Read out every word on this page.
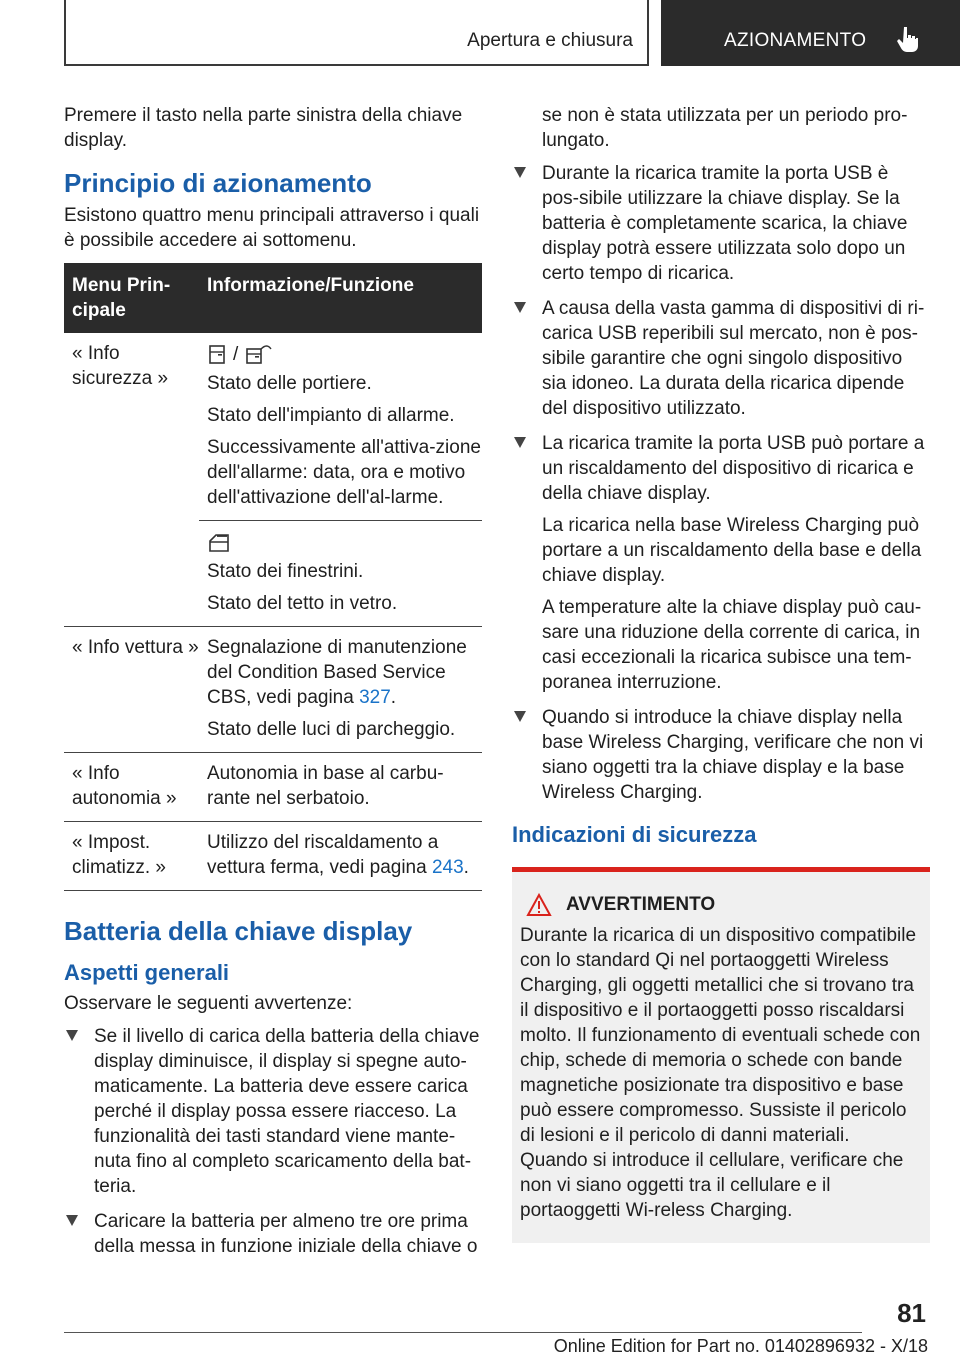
Apertura e chiusura	AZIONAMENTO

Premere il tasto nella parte sinistra della chiave display.

Principio di azionamento

Esistono quattro menu principali attraverso i quali è possibile accedere ai sottomenu.

Menu Prin-cipale	Informazione/Funzione
« Info sicurezza »	/

Stato delle portiere.

Stato dell'impianto di allarme.

Successivamente all'attiva-zione dell'allarme: data, ora e motivo dell'attivazione dell'al-larme.

	Stato dei finestrini.

Stato del tetto in vetro.

« Info vettura »	Segnalazione di manutenzione del Condition Based Service CBS, vedi pagina 327.

Stato delle luci di parcheggio.

« Info autonomia »	Autonomia in base al carbu-rante nel serbatoio.

« Impost. climatizz. »	Utilizzo del riscaldamento a vettura ferma, vedi pagina 243.

Batteria della chiave display
Aspetti generali

Osservare le seguenti avvertenze:

Se il livello di carica della batteria della chiave display diminuisce, il display si spegne auto-maticamente. La batteria deve essere carica perché il display possa essere riacceso. La funzionalità dei tasti standard viene mante-nuta fino al completo scaricamento della bat-teria.
Caricare la batteria per almeno tre ore prima della messa in funzione iniziale della chiave o
se non è stata utilizzata per un periodo pro-lungato.
Durante la ricarica tramite la porta USB è pos-sibile utilizzare la chiave display. Se la batteria è completamente scarica, la chiave display potrà essere utilizzata solo dopo un certo tempo di ricarica.
A causa della vasta gamma di dispositivi di ri-carica USB reperibili sul mercato, non è pos-sibile garantire che ogni singolo dispositivo sia idoneo. La durata della ricarica dipende del dispositivo utilizzato.

La ricarica tramite la porta USB può portare a un riscaldamento del dispositivo di ricarica e della chiave display.

La ricarica nella base Wireless Charging può portare a un riscaldamento della base e della chiave display.

A temperature alte la chiave display può cau-sare una riduzione della corrente di carica, in casi eccezionali la ricarica subisce una tem-poranea interruzione.

Quando si introduce la chiave display nella base Wireless Charging, verificare che non vi siano oggetti tra la chiave display e la base Wireless Charging.
Indicazioni di sicurezza
AVVERTIMENTO

Durante la ricarica di un dispositivo compatibile con lo standard Qi nel portaoggetti Wireless Charging, gli oggetti metallici che si trovano tra il dispositivo e il portaoggetti posso riscaldarsi molto. Il funzionamento di eventuali schede con chip, schede di memoria o schede con bande magnetiche posizionate tra dispositivo e base può essere compromesso. Sussiste il pericolo di lesioni e il pericolo di danni materiali. Quando si introduce il cellulare, verificare che non vi siano oggetti tra il cellulare e il portaoggetti Wi-reless Charging.

81
Online Edition for Part no. 01402896932 - X/18
